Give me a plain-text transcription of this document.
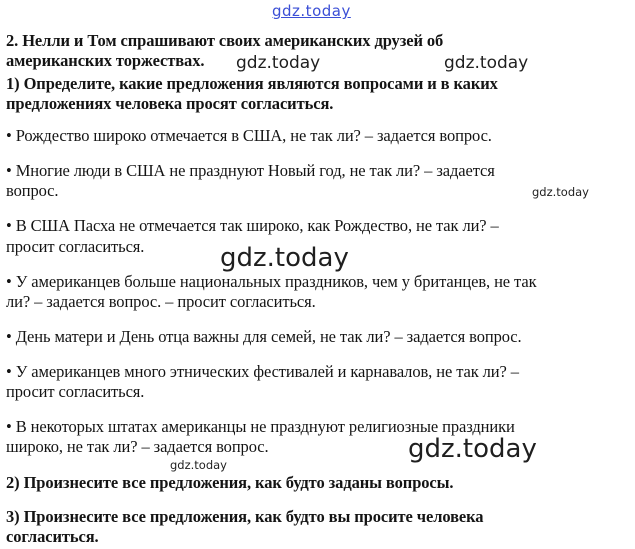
gdz.today
2. Нелли и Том спрашивают своих американских друзей об
американских торжествах. gdz.today	gdz.today
1) Определите, какие предложения являются вопросами и в каких
предложениях человека просят согласиться.
• Рождество широко отмечается в США, не так ли? – задается вопрос.
• Многие люди в США не празднуют Новый год, не так ли? – задается
вопрос.	gdz.today
• В США Пасха не отмечается так широко, как Рождество, не так ли? –
просит согласиться.	gdz.today
• У американцев больше национальных праздников, чем у британцев, не так
ли? – задается вопрос. – просит согласиться.
• День матери и День отца важны для семей, не так ли? – задается вопрос.
• У американцев много этнических фестивалей и карнавалов, не так ли? –
просит согласиться.
• В некоторых штатах американцы не празднуют религиозные праздники
широко, не так ли? – задается вопрос.	gdz.today
gdz.today
2) Произнесите все предложения, как будто заданы вопросы.
3) Произнесите все предложения, как будто вы просите человека
согласиться.
